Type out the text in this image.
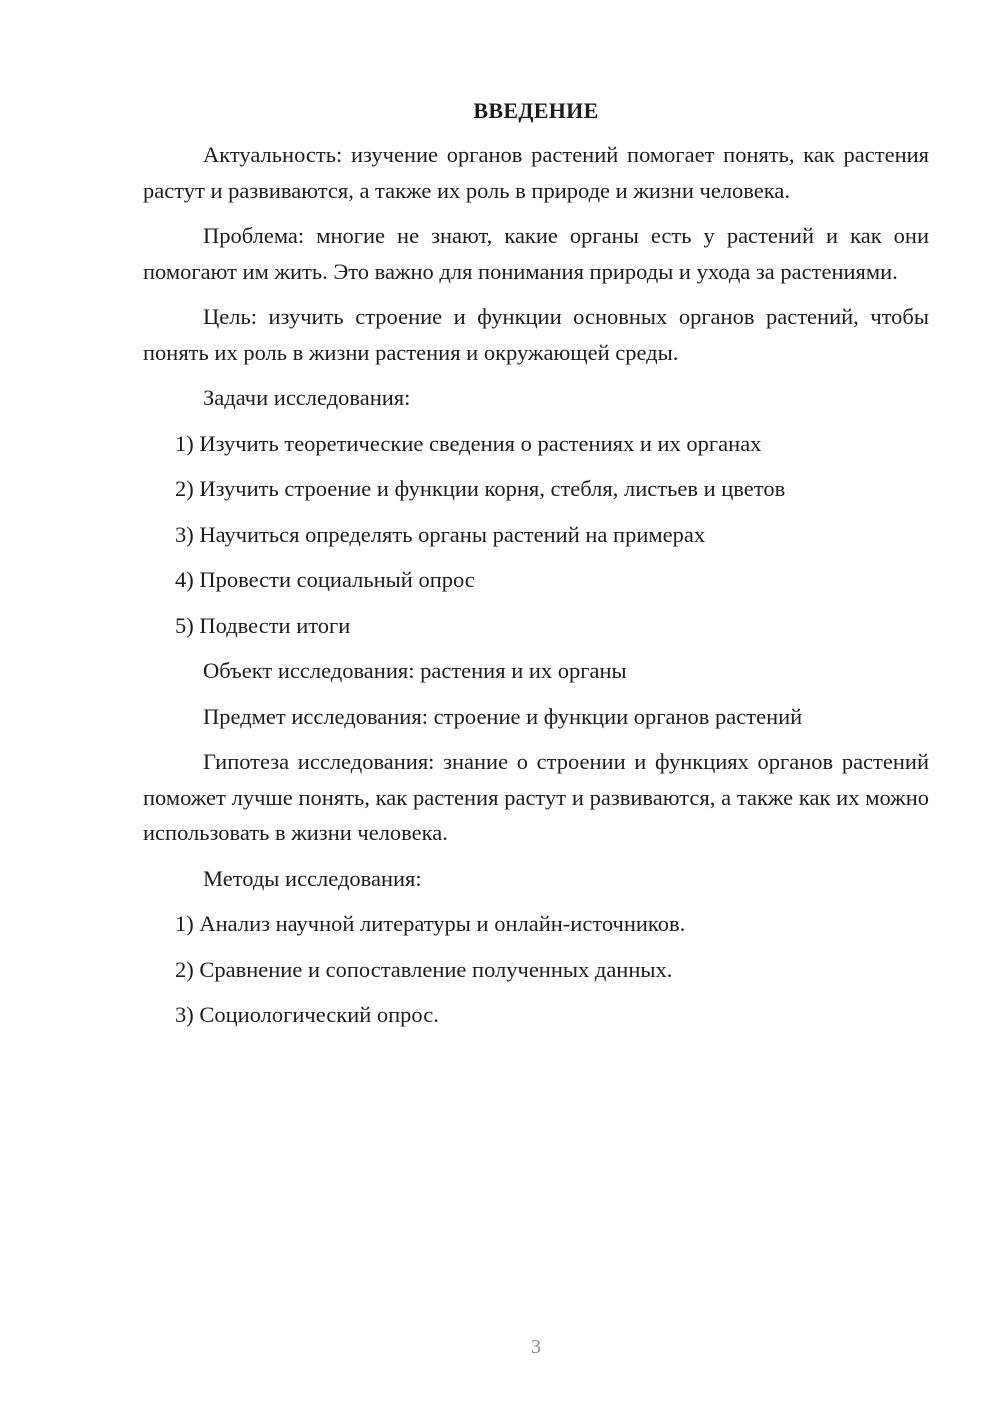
ВВЕДЕНИЕ

Актуальность: изучение органов растений помогает понять, как растения растут и развиваются, а также их роль в природе и жизни человека.

Проблема: многие не знают, какие органы есть у растений и как они помогают им жить. Это важно для понимания природы и ухода за растениями.

Цель: изучить строение и функции основных органов растений, чтобы понять их роль в жизни растения и окружающей среды.

Задачи исследования:

1) Изучить теоретические сведения о растениях и их органах

2) Изучить строение и функции корня, стебля, листьев и цветов

3) Научиться определять органы растений на примерах

4) Провести социальный опрос

5) Подвести итоги

Объект исследования: растения и их органы

Предмет исследования: строение и функции органов растений

Гипотеза исследования: знание о строении и функциях органов растений поможет лучше понять, как растения растут и развиваются, а также как их можно использовать в жизни человека.

Методы исследования:

1) Анализ научной литературы и онлайн-источников.

2) Сравнение и сопоставление полученных данных.

3) Социологический опрос.

3
